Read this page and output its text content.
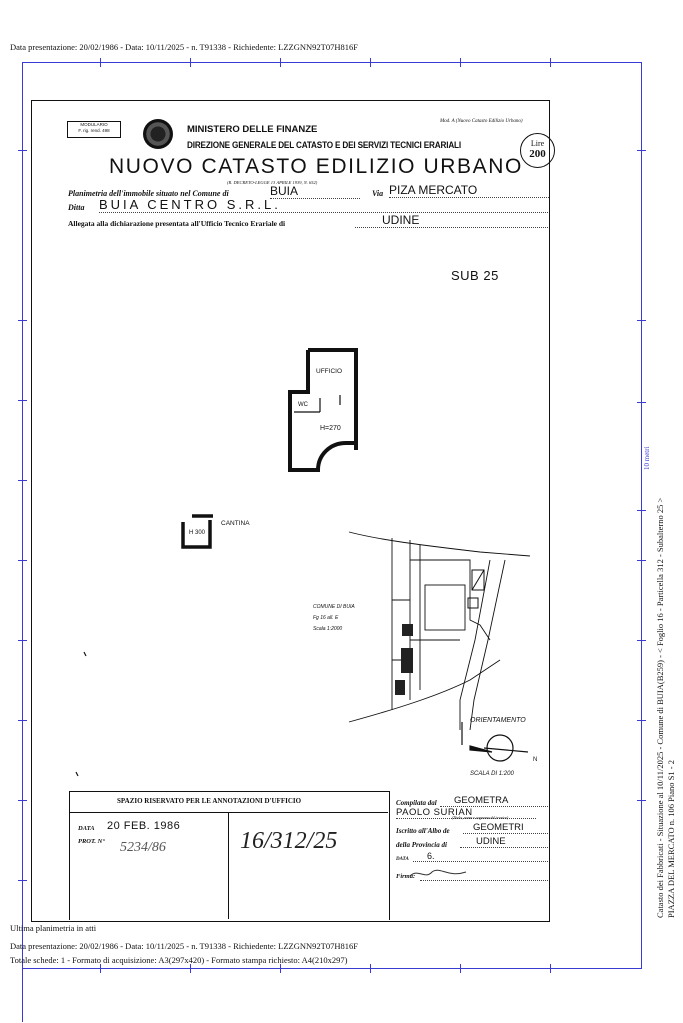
Data presentazione: 20/02/1986 - Data: 10/11/2025 - n. T91338 - Richiedente: LZZGNN92T07H816F
MODULARIO
F. rig. rend. 498	MINISTERO DELLE FINANZE
Mod. A (Nuovo Catasto Edilizio Urbano)
DIREZIONE GENERALE DEL CATASTO E DEI SERVIZI TECNICI ERARIALI	Lire
200
NUOVO CATASTO EDILIZIO URBANO
(R. DECRETO-LEGGE 13 APRILE 1939, N. 652)
Planimetria dell'immobile situato nel Comune di	BUIA	Via PIZA MERCATO
Ditta BUIA CENTRO S.R.L.
Allegata alla dichiarazione presentata all'Ufficio Tecnico Erariale di	UDINE
SUB 25
UFFICIO
WC
H=270
CANTINA
H 300
COMUNE DI BUIA
Fg 16 all. E
Scala 1:2000
ORIENTAMENTO
N
SCALA DI 1:200
SPAZIO RISERVATO PER LE ANNOTAZIONI D'UFFICIO
DATA 20 FEB. 1986
PROT. N° 5234/86	16/312/25
Compilata dal	GEOMETRA
PAOLO SURIAN
(Titolo, nome e cognome del tecnico)
Iscritto all'Albo de	GEOMETRI
della Provincia di	UDINE
DATA	6.
Firma:	Catasto dei Fabbricati - Situazione al 10/11/2025 - Comune di BUIA(B259) - < Foglio 16 - Particella 312 - Subalterno 25 > PIAZZA DEL MERCATO n. 106 Piano S1 - 2
10 metri
Ultima planimetria in atti
Data presentazione: 20/02/1986 - Data: 10/11/2025 - n. T91338 - Richiedente: LZZGNN92T07H816F
Totale schede: 1 - Formato di acquisizione: A3(297x420) - Formato stampa richiesto: A4(210x297)
